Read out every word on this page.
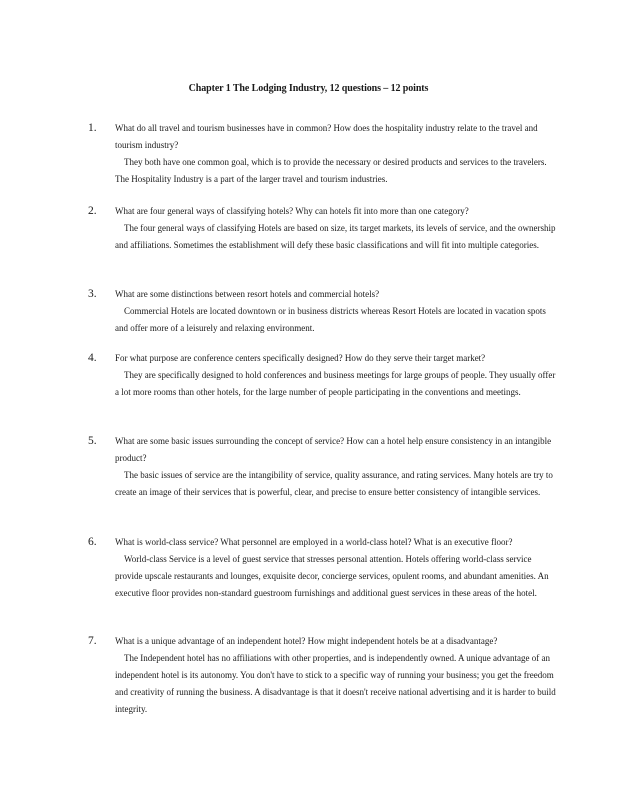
Chapter 1 The Lodging Industry, 12 questions – 12 points
1. What do all travel and tourism businesses have in common? How does the hospitality industry relate to the travel and tourism industry?

They both have one common goal, which is to provide the necessary or desired products and services to the travelers. The Hospitality Industry is a part of the larger travel and tourism industries.

2. What are four general ways of classifying hotels? Why can hotels fit into more than one category?

The four general ways of classifying Hotels are based on size, its target markets, its levels of service, and the ownership and affiliations. Sometimes the establishment will defy these basic classifications and will fit into multiple categories.

3. What are some distinctions between resort hotels and commercial hotels?

Commercial Hotels are located downtown or in business districts whereas Resort Hotels are located in vacation spots and offer more of a leisurely and relaxing environment.

4. For what purpose are conference centers specifically designed? How do they serve their target market?

They are specifically designed to hold conferences and business meetings for large groups of people. They usually offer a lot more rooms than other hotels, for the large number of people participating in the conventions and meetings.

5. What are some basic issues surrounding the concept of service? How can a hotel help ensure consistency in an intangible product?

The basic issues of service are the intangibility of service, quality assurance, and rating services. Many hotels are try to create an image of their services that is powerful, clear, and precise to ensure better consistency of intangible services.

6. What is world-class service? What personnel are employed in a world-class hotel? What is an executive floor?

World-class Service is a level of guest service that stresses personal attention. Hotels offering world-class service provide upscale restaurants and lounges, exquisite decor, concierge services, opulent rooms, and abundant amenities. An executive floor provides non-standard guestroom furnishings and additional guest services in these areas of the hotel.

7. What is a unique advantage of an independent hotel? How might independent hotels be at a disadvantage?

The Independent hotel has no affiliations with other properties, and is independently owned. A unique advantage of an independent hotel is its autonomy. You don't have to stick to a specific way of running your business; you get the freedom and creativity of running the business. A disadvantage is that it doesn't receive national advertising and it is harder to build integrity.
